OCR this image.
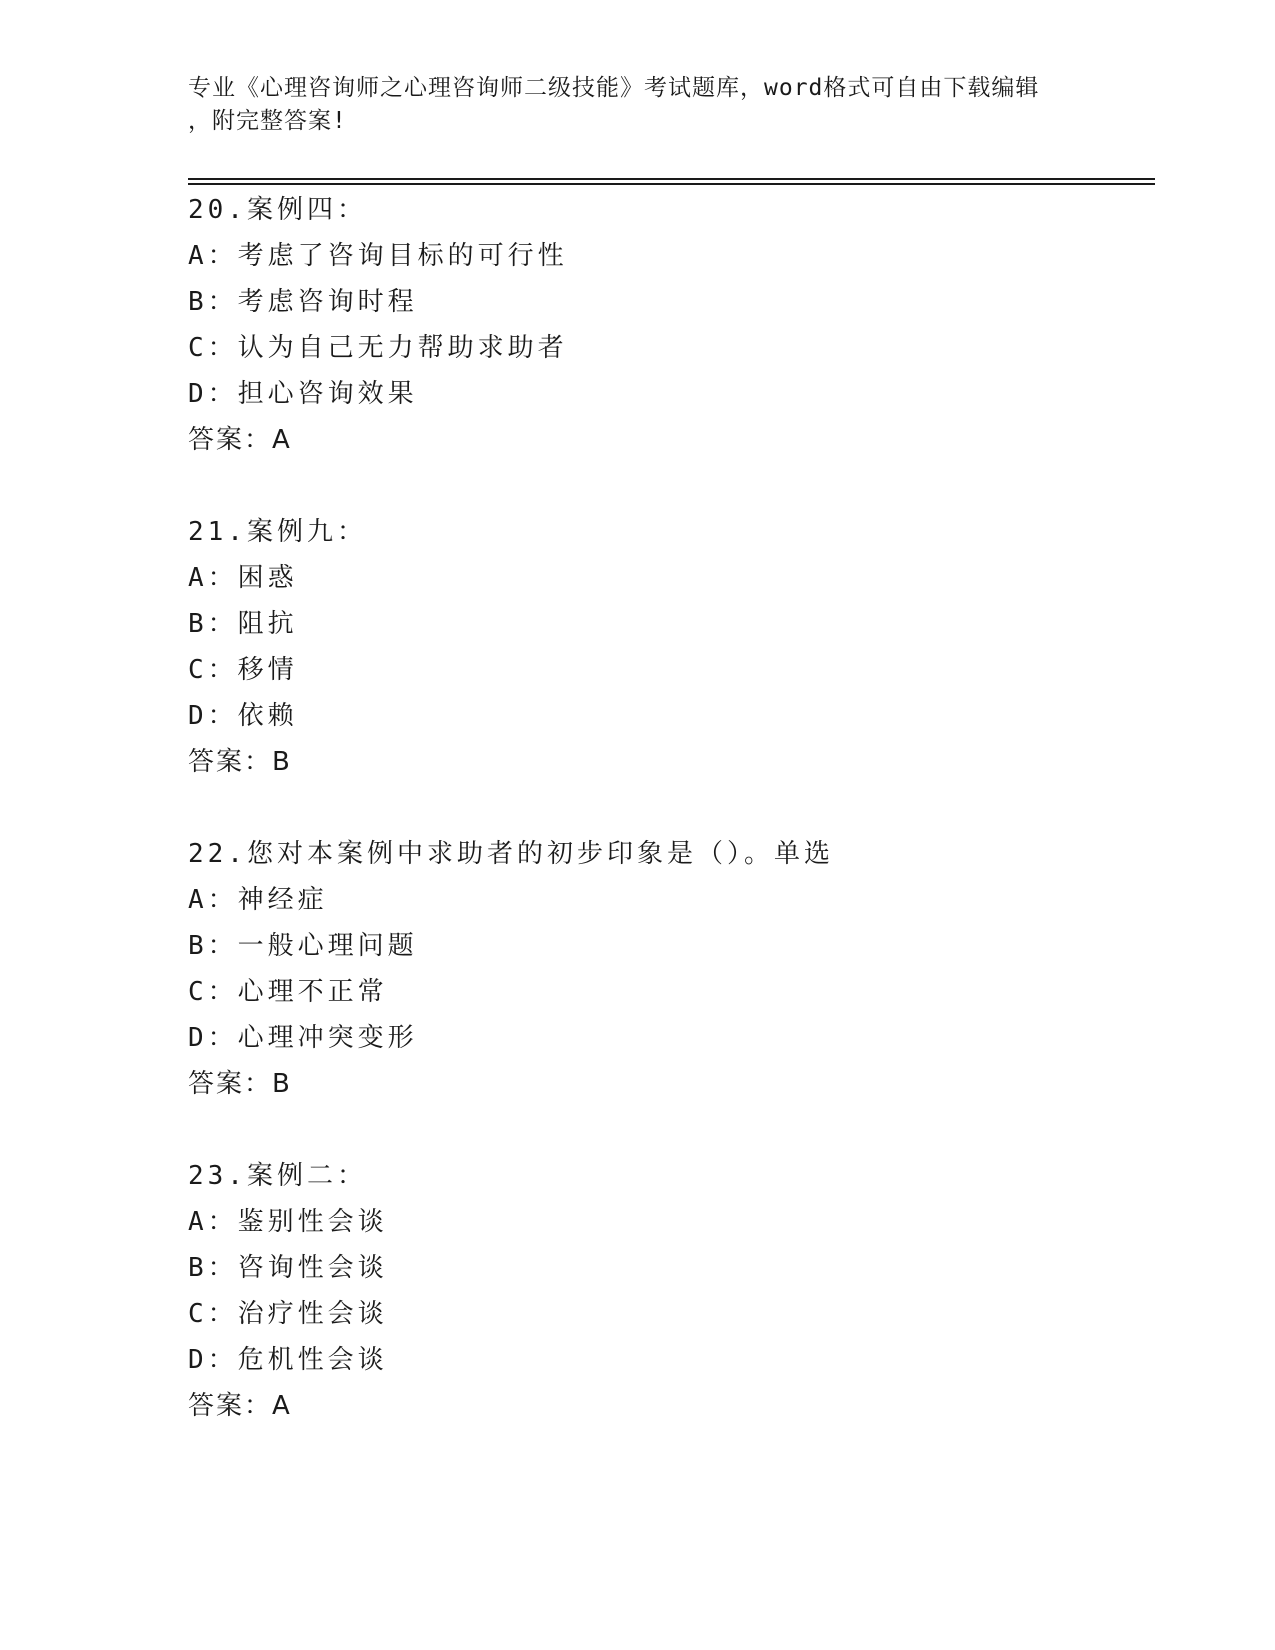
专业《心理咨询师之心理咨询师二级技能》考试题库，word格式可自由下载编辑
，附完整答案!
20.案例四：
A：考虑了咨询目标的可行性
B：考虑咨询时程
C：认为自己无力帮助求助者
D：担心咨询效果
答案：A
21.案例九：
A：困惑
B：阻抗
C：移情
D：依赖
答案：B
22.您对本案例中求助者的初步印象是（）。单选
A：神经症
B：一般心理问题
C：心理不正常
D：心理冲突变形
答案：B
23.案例二：
A：鉴别性会谈
B：咨询性会谈
C：治疗性会谈
D：危机性会谈
答案：A
